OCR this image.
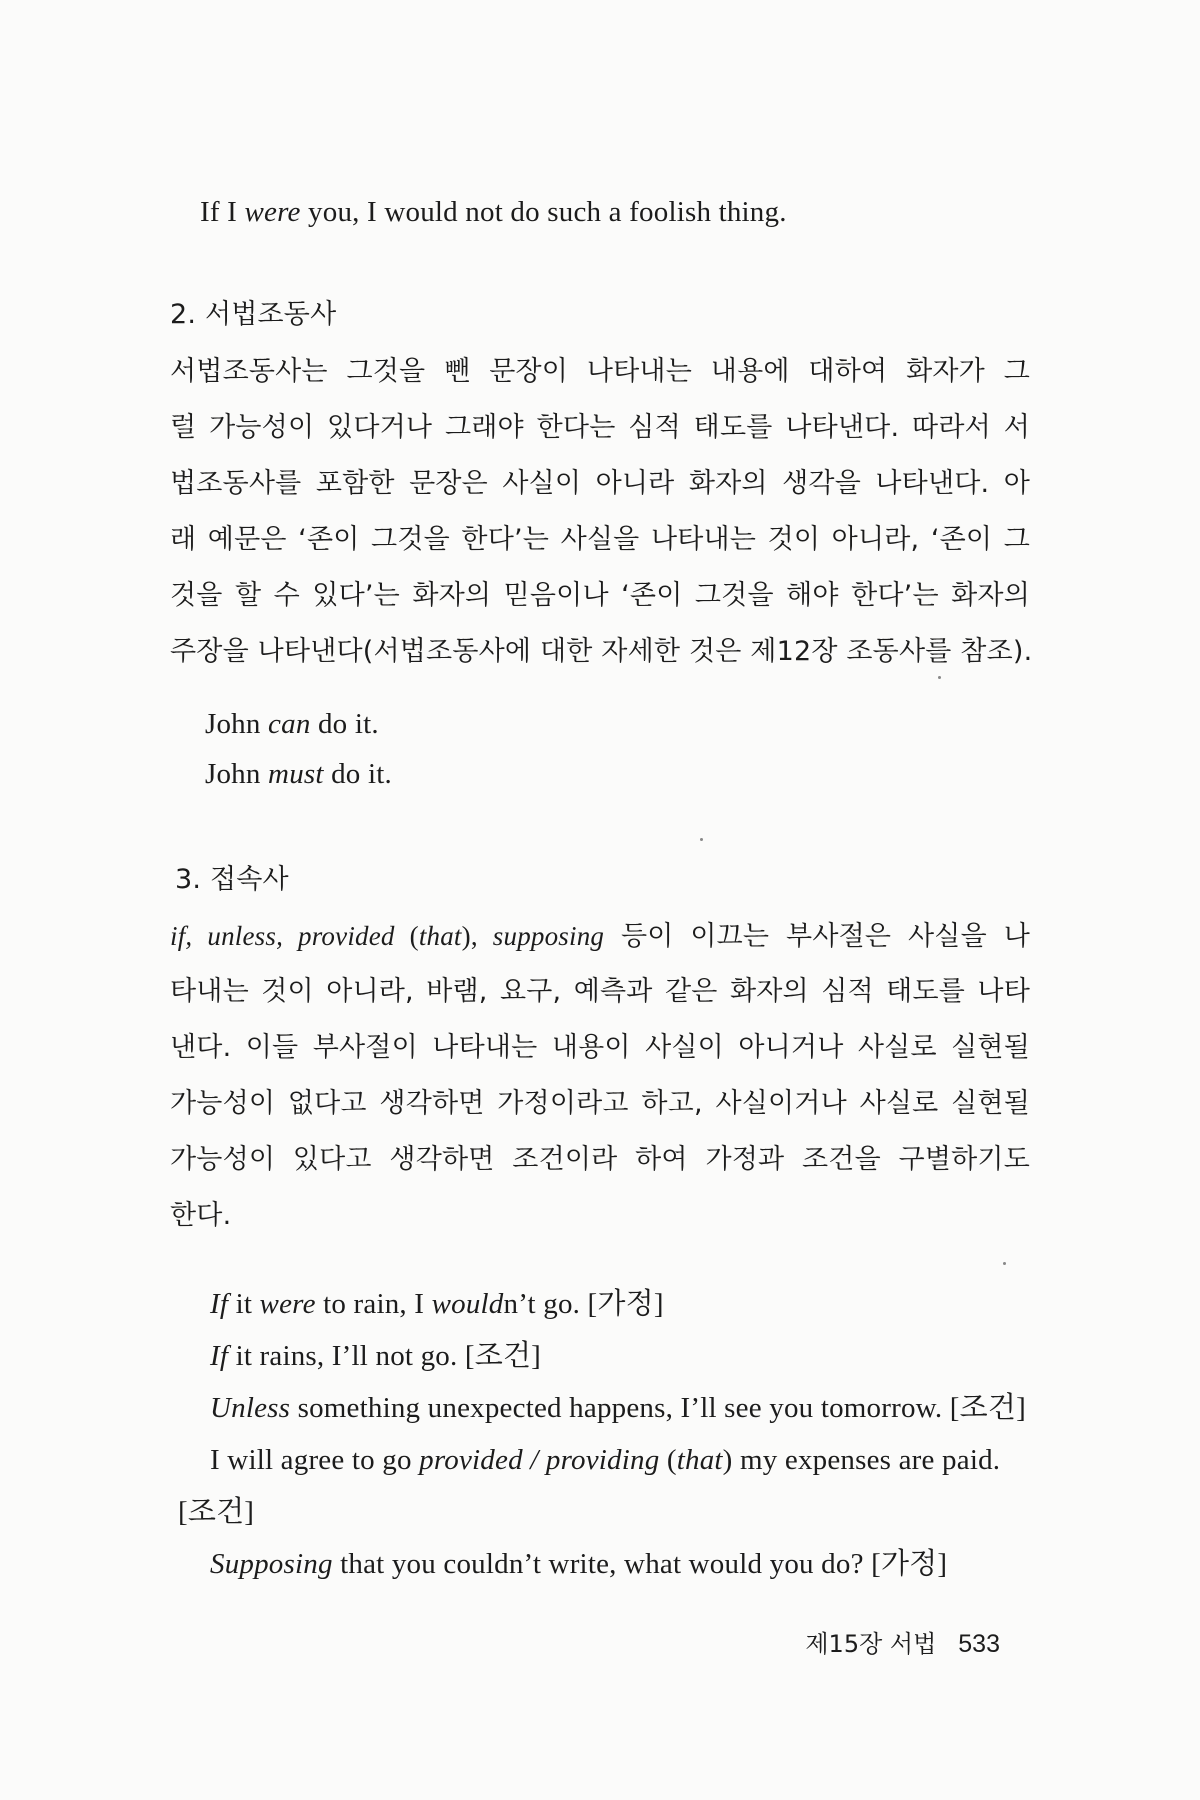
If I were you, I would not do such a foolish thing.
2. 서법조동사
서법조동사는 그것을 뺀 문장이 나타내는 내용에 대하여 화자가 그
럴 가능성이 있다거나 그래야 한다는 심적 태도를 나타낸다. 따라서 서
법조동사를 포함한 문장은 사실이 아니라 화자의 생각을 나타낸다. 아
래 예문은 ‘존이 그것을 한다’는 사실을 나타내는 것이 아니라, ‘존이 그
것을 할 수 있다’는 화자의 믿음이나 ‘존이 그것을 해야 한다’는 화자의
주장을 나타낸다(서법조동사에 대한 자세한 것은 제12장 조동사를 참조).
John can do it.
John must do it.
3. 접속사
if, unless, provided (that), supposing 등이 이끄는 부사절은 사실을 나
타내는 것이 아니라, 바램, 요구, 예측과 같은 화자의 심적 태도를 나타
낸다. 이들 부사절이 나타내는 내용이 사실이 아니거나 사실로 실현될
가능성이 없다고 생각하면 가정이라고 하고, 사실이거나 사실로 실현될
가능성이 있다고 생각하면 조건이라 하여 가정과 조건을 구별하기도
한다.
If it were to rain, I wouldn’t go. [가정]
If it rains, I’ll not go. [조건]
Unless something unexpected happens, I’ll see you tomorrow. [조건]
I will agree to go provided / providing (that) my expenses are paid.
[조건]
Supposing that you couldn’t write, what would you do? [가정]
제15장 서법 533
